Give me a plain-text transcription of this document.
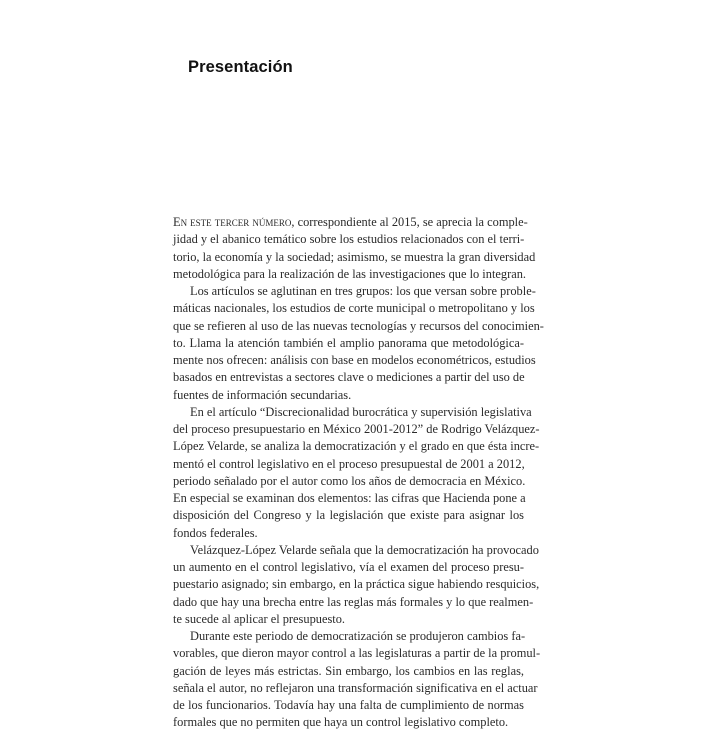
Presentación
En este tercer número, correspondiente al 2015, se aprecia la comple-
jidad y el abanico temático sobre los estudios relacionados con el terri-
torio, la economía y la sociedad; asimismo, se muestra la gran diversidad
metodológica para la realización de las investigaciones que lo integran.
Los artículos se aglutinan en tres grupos: los que versan sobre proble-
máticas nacionales, los estudios de corte municipal o metropolitano y los
que se refieren al uso de las nuevas tecnologías y recursos del conocimien-
to. Llama la atención también el amplio panorama que metodológica-
mente nos ofrecen: análisis con base en modelos econométricos, estudios
basados en entrevistas a sectores clave o mediciones a partir del uso de
fuentes de información secundarias.
En el artículo “Discrecionalidad burocrática y supervisión legislativa
del proceso presupuestario en México 2001-2012” de Rodrigo Velázquez-
López Velarde, se analiza la democratización y el grado en que ésta incre-
mentó el control legislativo en el proceso presupuestal de 2001 a 2012,
periodo señalado por el autor como los años de democracia en México.
En especial se examinan dos elementos: las cifras que Hacienda pone a
disposición del Congreso y la legislación que existe para asignar los
fondos federales.
Velázquez-López Velarde señala que la democratización ha provocado
un aumento en el control legislativo, vía el examen del proceso presu-
puestario asignado; sin embargo, en la práctica sigue habiendo resquicios,
dado que hay una brecha entre las reglas más formales y lo que realmen-
te sucede al aplicar el presupuesto.
Durante este periodo de democratización se produjeron cambios fa-
vorables, que dieron mayor control a las legislaturas a partir de la promul-
gación de leyes más estrictas. Sin embargo, los cambios en las reglas,
señala el autor, no reflejaron una transformación significativa en el actuar
de los funcionarios. Todavía hay una falta de cumplimiento de normas
formales que no permiten que haya un control legislativo completo.
